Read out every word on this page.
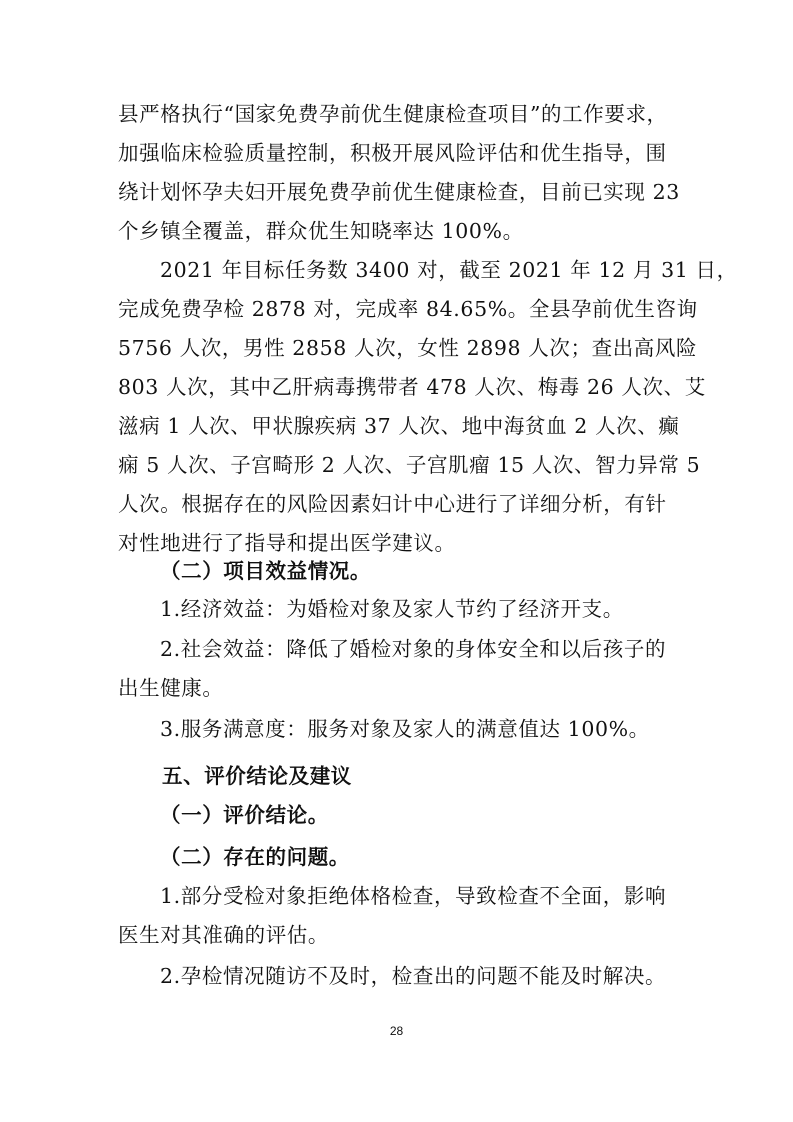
县严格执行“国家免费孕前优生健康检查项目”的工作要求，
加强临床检验质量控制，积极开展风险评估和优生指导，围
绕计划怀孕夫妇开展免费孕前优生健康检查，目前已实现 23
个乡镇全覆盖，群众优生知晓率达 100%。

2021 年目标任务数 3400 对，截至 2021 年 12 月 31 日，
完成免费孕检 2878 对，完成率 84.65%。全县孕前优生咨询
5756 人次，男性 2858 人次，女性 2898 人次；查出高风险
803 人次，其中乙肝病毒携带者 478 人次、梅毒 26 人次、艾
滋病 1 人次、甲状腺疾病 37 人次、地中海贫血 2 人次、癫
痫 5 人次、子宫畸形 2 人次、子宫肌瘤 15 人次、智力异常 5
人次。根据存在的风险因素妇计中心进行了详细分析，有针
对性地进行了指导和提出医学建议。

（二）项目效益情况。

1.经济效益：为婚检对象及家人节约了经济开支。

2.社会效益：降低了婚检对象的身体安全和以后孩子的
出生健康。

3.服务满意度：服务对象及家人的满意值达 100%。

五、评价结论及建议
（一）评价结论。
（二）存在的问题。

1.部分受检对象拒绝体格检查，导致检查不全面，影响
医生对其准确的评估。

2.孕检情况随访不及时，检查出的问题不能及时解决。

28
